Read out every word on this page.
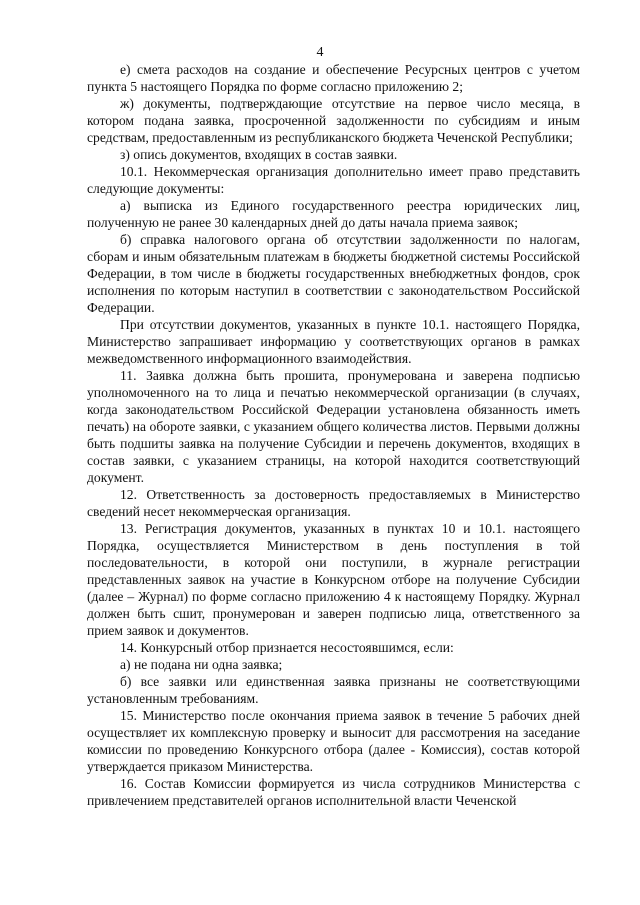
4

е) смета расходов на создание и обеспечение Ресурсных центров с учетом пункта 5 настоящего Порядка по форме согласно приложению 2;

ж) документы, подтверждающие отсутствие на первое число месяца, в котором подана заявка, просроченной задолженности по субсидиям и иным средствам, предоставленным из республиканского бюджета Чеченской Республики;

з) опись документов, входящих в состав заявки.

10.1. Некоммерческая организация дополнительно имеет право представить следующие документы:

а) выписка из Единого государственного реестра юридических лиц, полученную не ранее 30 календарных дней до даты начала приема заявок;

б) справка налогового органа об отсутствии задолженности по налогам, сборам и иным обязательным платежам в бюджеты бюджетной системы Российской Федерации, в том числе в бюджеты государственных внебюджетных фондов, срок исполнения по которым наступил в соответствии с законодательством Российской Федерации.

При отсутствии документов, указанных в пункте 10.1. настоящего Порядка, Министерство запрашивает информацию у соответствующих органов в рамках межведомственного информационного взаимодействия.

11. Заявка должна быть прошита, пронумерована и заверена подписью уполномоченного на то лица и печатью некоммерческой организации (в случаях, когда законодательством Российской Федерации установлена обязанность иметь печать) на обороте заявки, с указанием общего количества листов. Первыми должны быть подшиты заявка на получение Субсидии и перечень документов, входящих в состав заявки, с указанием страницы, на которой находится соответствующий документ.

12. Ответственность за достоверность предоставляемых в Министерство сведений несет некоммерческая организация.

13. Регистрация документов, указанных в пунктах 10 и 10.1. настоящего Порядка, осуществляется Министерством в день поступления в той последовательности, в которой они поступили, в журнале регистрации представленных заявок на участие в Конкурсном отборе на получение Субсидии (далее – Журнал) по форме согласно приложению 4 к настоящему Порядку. Журнал должен быть сшит, пронумерован и заверен подписью лица, ответственного за прием заявок и документов.

14. Конкурсный отбор признается несостоявшимся, если:

а) не подана ни одна заявка;

б) все заявки или единственная заявка признаны не соответствующими установленным требованиям.

15. Министерство после окончания приема заявок в течение 5 рабочих дней осуществляет их комплексную проверку и выносит для рассмотрения на заседание комиссии по проведению Конкурсного отбора (далее - Комиссия), состав которой утверждается приказом Министерства.

16. Состав Комиссии формируется из числа сотрудников Министерства с привлечением представителей органов исполнительной власти Чеченской
